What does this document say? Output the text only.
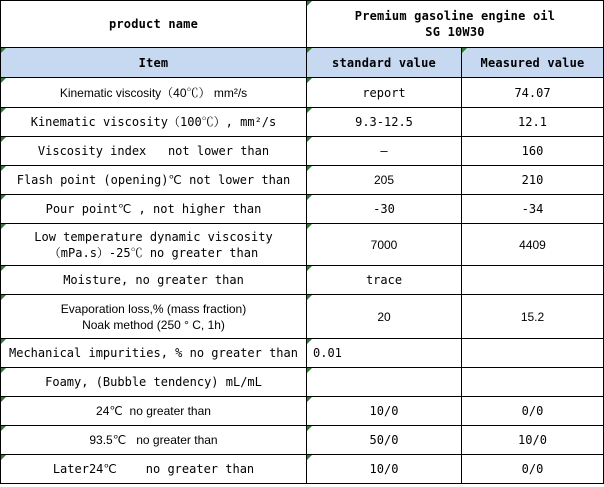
product name	Premium gasoline engine oil
SG 10W30	

Item	standard value	Measured value
Kinematic viscosity（40℃） mm²/s	report	74.07
Kinematic viscosity（100℃）, mm²/s	9.3-12.5	12.1
Viscosity index   not lower than	—	160
Flash point (opening)℃ not lower than	205	210
Pour point℃ , not higher than	-30	-34

Low temperature dynamic viscosity
（mPa.s）-25℃ no greater than	7000	4409
Moisture, no greater than	trace	

Evaporation loss,% (mass fraction)
Noak method (250 ° C, 1h)	20	15.2
Mechanical impurities, % no greater than	0.01	
Foamy, (Bubble tendency) mL/mL		
24℃  no greater than	10/0	0/0
93.5℃   no greater than	50/0	10/0
Later24℃    no greater than	10/0	0/0
